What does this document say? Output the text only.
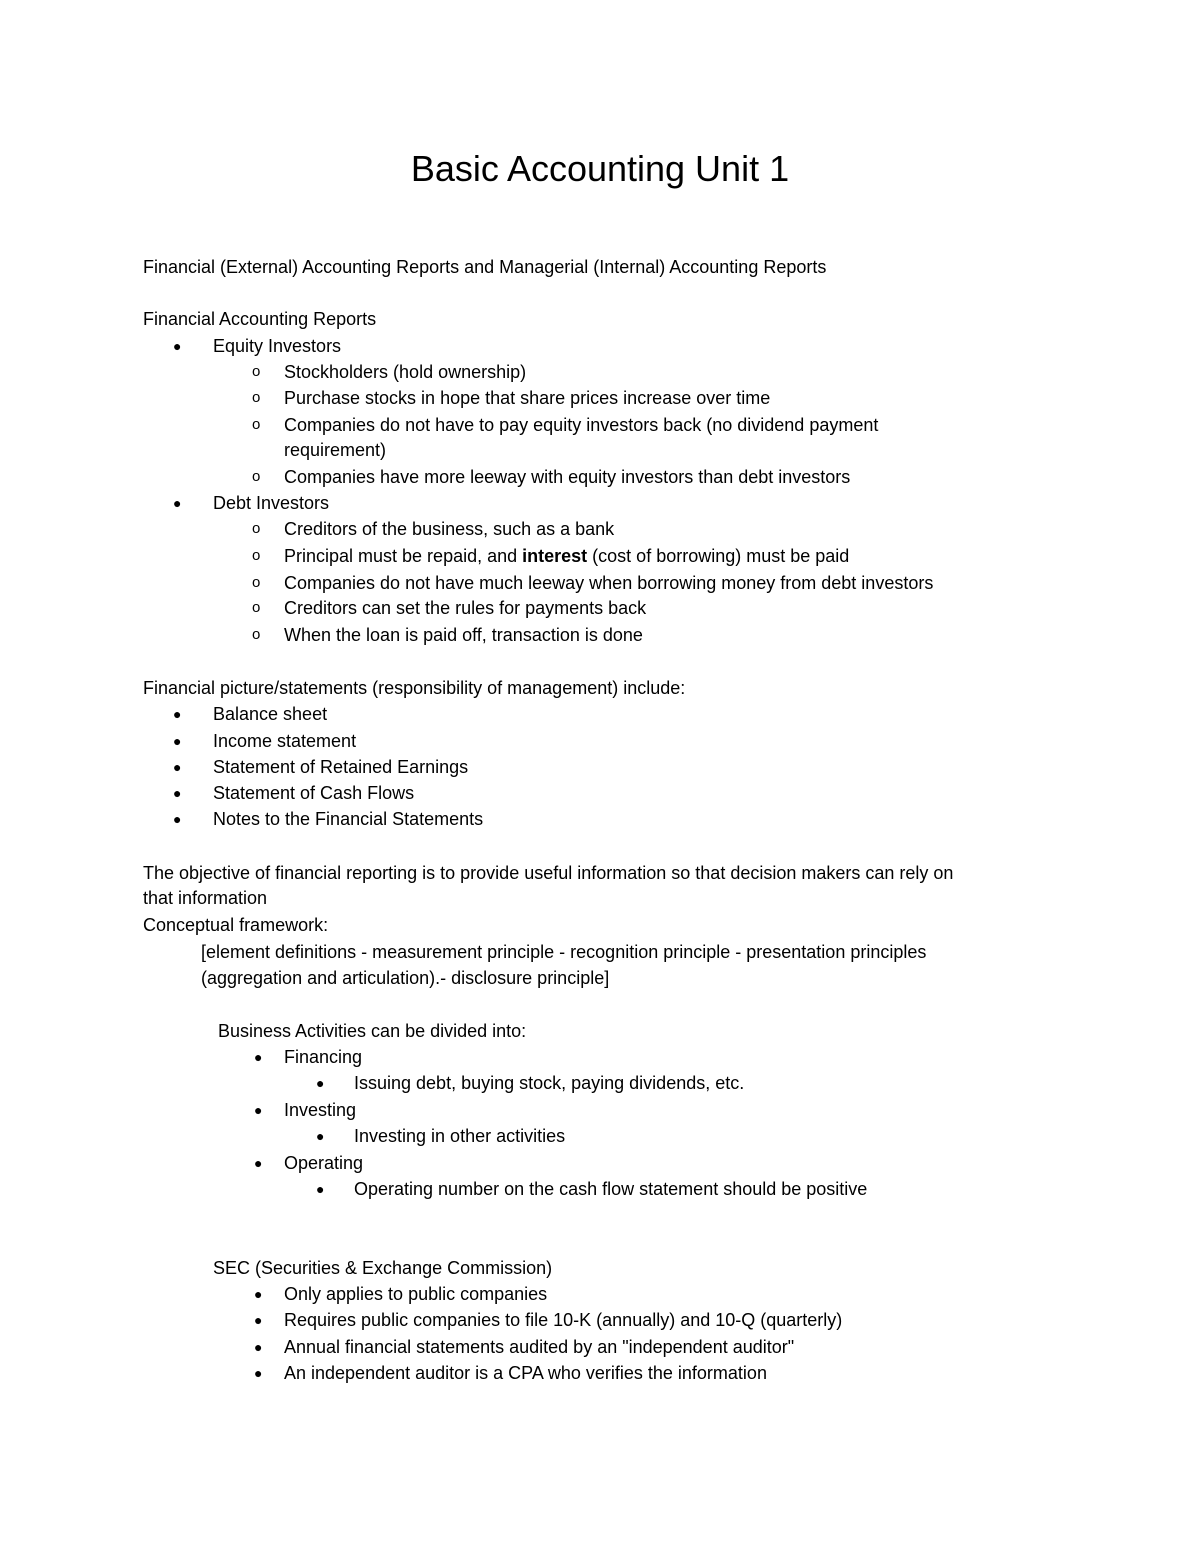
Basic Accounting Unit 1

Financial (External) Accounting Reports and Managerial (Internal) Accounting Reports

Financial Accounting Reports

● Equity Investors

o Stockholders (hold ownership)

o Purchase stocks in hope that share prices increase over time

o Companies do not have to pay equity investors back (no dividend payment

requirement)

o Companies have more leeway with equity investors than debt investors

● Debt Investors

o Creditors of the business, such as a bank

o Principal must be repaid, and interest (cost of borrowing) must be paid

o Companies do not have much leeway when borrowing money from debt investors

o Creditors can set the rules for payments back

o When the loan is paid off, transaction is done

Financial picture/statements (responsibility of management) include:

● Balance sheet

● Income statement

● Statement of Retained Earnings

● Statement of Cash Flows

● Notes to the Financial Statements

The objective of financial reporting is to provide useful information so that decision makers can rely on

that information

Conceptual framework:

[element definitions - measurement principle - recognition principle - presentation principles

(aggregation and articulation).- disclosure principle]

Business Activities can be divided into:

● Financing

● Issuing debt, buying stock, paying dividends, etc.

● Investing

● Investing in other activities

● Operating

● Operating number on the cash flow statement should be positive

SEC (Securities & Exchange Commission)

● Only applies to public companies

● Requires public companies to file 10-K (annually) and 10-Q (quarterly)

● Annual financial statements audited by an "independent auditor"

● An independent auditor is a CPA who verifies the information
